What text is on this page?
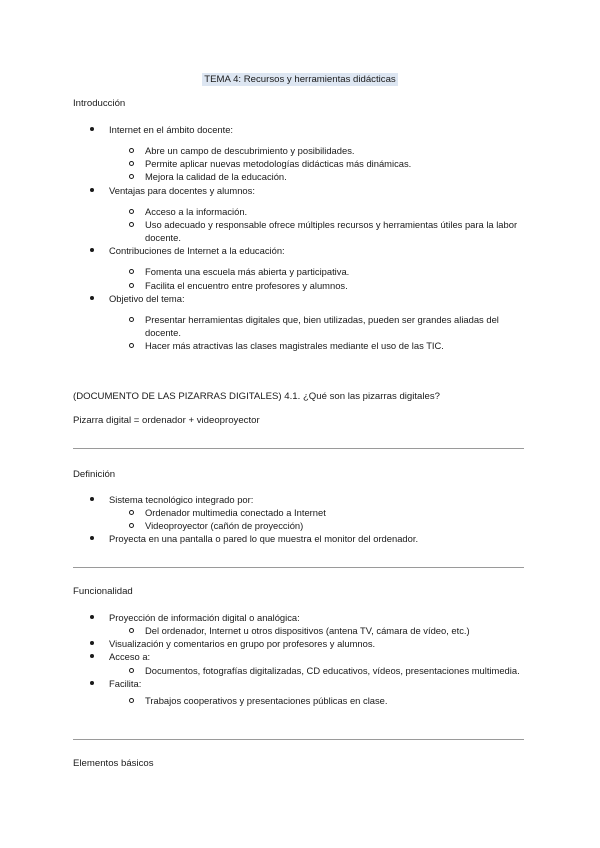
TEMA 4: Recursos y herramientas didácticas
Introducción
Internet en el ámbito docente:
Abre un campo de descubrimiento y posibilidades.
Permite aplicar nuevas metodologías didácticas más dinámicas.
Mejora la calidad de la educación.
Ventajas para docentes y alumnos:
Acceso a la información.
Uso adecuado y responsable ofrece múltiples recursos y herramientas útiles para la labor docente.
Contribuciones de Internet a la educación:
Fomenta una escuela más abierta y participativa.
Facilita el encuentro entre profesores y alumnos.
Objetivo del tema:
Presentar herramientas digitales que, bien utilizadas, pueden ser grandes aliadas del docente.
Hacer más atractivas las clases magistrales mediante el uso de las TIC.
(DOCUMENTO DE LAS PIZARRAS DIGITALES) 4.1. ¿Qué son las pizarras digitales?
Pizarra digital = ordenador + videoproyector
Definición
Sistema tecnológico integrado por:
Ordenador multimedia conectado a Internet
Videoproyector (cañón de proyección)
Proyecta en una pantalla o pared lo que muestra el monitor del ordenador.
Funcionalidad
Proyección de información digital o analógica:
Del ordenador, Internet u otros dispositivos (antena TV, cámara de vídeo, etc.)
Visualización y comentarios en grupo por profesores y alumnos.
Acceso a:
Documentos, fotografías digitalizadas, CD educativos, vídeos, presentaciones multimedia.
Facilita:
Trabajos cooperativos y presentaciones públicas en clase.
Elementos básicos
